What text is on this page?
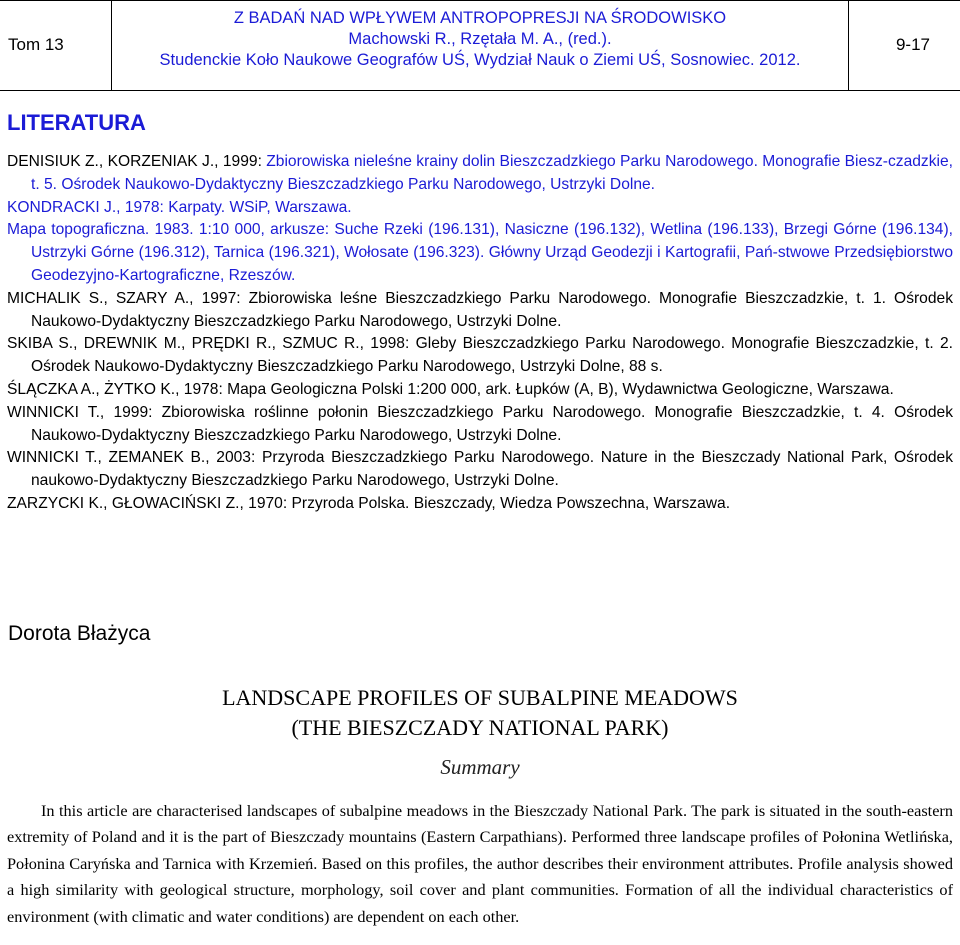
Tom 13
Z BADAŃ NAD WPŁYWEM ANTROPOPRESJI NA ŚRODOWISKO
Machowski R., Rzętała M. A., (red.).
Studenckie Koło Naukowe Geografów UŚ, Wydział Nauk o Ziemi UŚ, Sosnowiec. 2012.
9-17
LITERATURA

DENISIUK Z., KORZENIAK J., 1999: Zbiorowiska nieleśne krainy dolin Bieszczadzkiego Parku Narodowego. Monografie Biesz-czadzkie, t. 5. Ośrodek Naukowo-Dydaktyczny Bieszczadzkiego Parku Narodowego, Ustrzyki Dolne.

KONDRACKI J., 1978: Karpaty. WSiP, Warszawa.

Mapa topograficzna. 1983. 1:10 000, arkusze: Suche Rzeki (196.131), Nasiczne (196.132), Wetlina (196.133), Brzegi Górne (196.134), Ustrzyki Górne (196.312), Tarnica (196.321), Wołosate (196.323). Główny Urząd Geodezji i Kartografii, Pań-stwowe Przedsiębiorstwo Geodezyjno-Kartograficzne, Rzeszów.

MICHALIK S., SZARY A., 1997: Zbiorowiska leśne Bieszczadzkiego Parku Narodowego. Monografie Bieszczadzkie, t. 1. Ośrodek Naukowo-Dydaktyczny Bieszczadzkiego Parku Narodowego, Ustrzyki Dolne.

SKIBA S., DREWNIK M., PRĘDKI R., SZMUC R., 1998: Gleby Bieszczadzkiego Parku Narodowego. Monografie Bieszczadzkie, t. 2. Ośrodek Naukowo-Dydaktyczny Bieszczadzkiego Parku Narodowego, Ustrzyki Dolne, 88 s.

ŚLĄCZKA A., ŻYTKO K., 1978: Mapa Geologiczna Polski 1:200 000, ark. Łupków (A, B), Wydawnictwa Geologiczne, Warszawa.

WINNICKI T., 1999: Zbiorowiska roślinne połonin Bieszczadzkiego Parku Narodowego. Monografie Bieszczadzkie, t. 4. Ośrodek Naukowo-Dydaktyczny Bieszczadzkiego Parku Narodowego, Ustrzyki Dolne.

WINNICKI T., ZEMANEK B., 2003: Przyroda Bieszczadzkiego Parku Narodowego. Nature in the Bieszczady National Park, Ośrodek naukowo-Dydaktyczny Bieszczadzkiego Parku Narodowego, Ustrzyki Dolne.

ZARZYCKI K., GŁOWACIŃSKI Z., 1970: Przyroda Polska. Bieszczady, Wiedza Powszechna, Warszawa.

Dorota Błażyca
LANDSCAPE PROFILES OF SUBALPINE MEADOWS
(THE BIESZCZADY NATIONAL PARK)
Summary

In this article are characterised landscapes of subalpine meadows in the Bieszczady National Park. The park is situated in the south-eastern extremity of Poland and it is the part of Bieszczady mountains (Eastern Carpathians). Performed three landscape profiles of Połonina Wetlińska, Połonina Caryńska and Tarnica with Krzemień. Based on this profiles, the author describes their environment attributes. Profile analysis showed a high similarity with geological structure, morphology, soil cover and plant communities. Formation of all the individual characteristics of environment (with climatic and water conditions) are dependent on each other.
